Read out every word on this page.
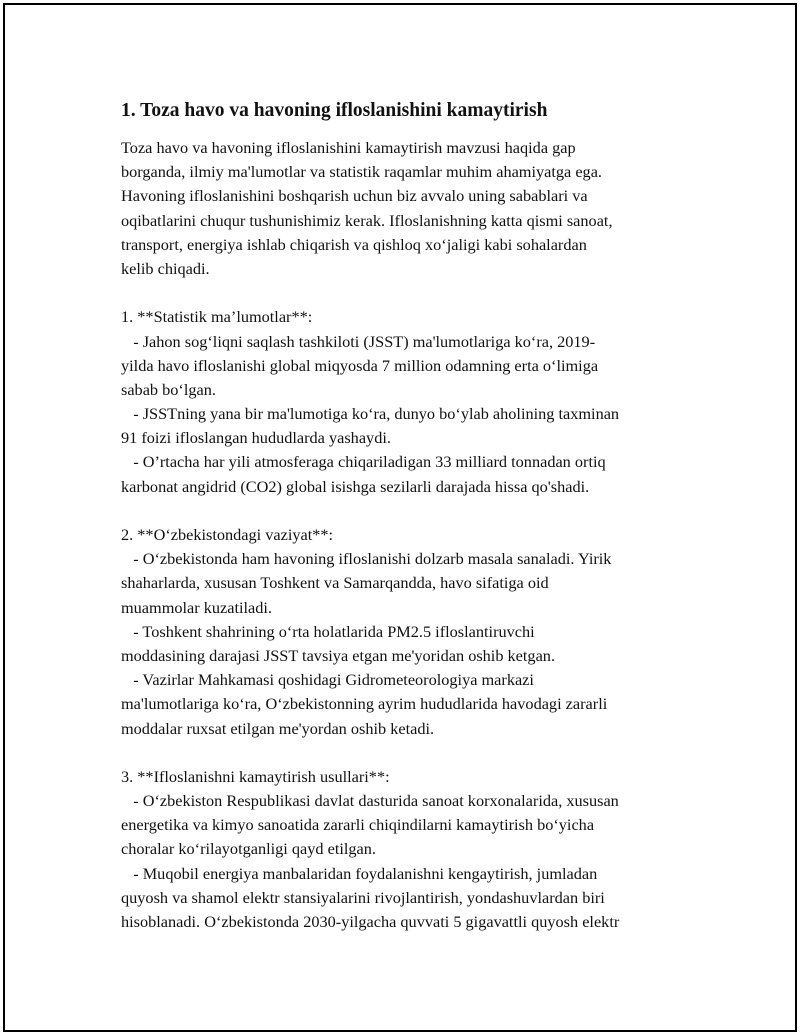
1. Toza havo va havoning ifloslanishini kamaytirish
Toza havo va havoning ifloslanishini kamaytirish mavzusi haqida gap
borganda, ilmiy ma'lumotlar va statistik raqamlar muhim ahamiyatga ega.
Havoning ifloslanishini boshqarish uchun biz avvalo uning sabablari va
oqibatlarini chuqur tushunishimiz kerak. Ifloslanishning katta qismi sanoat,
transport, energiya ishlab chiqarish va qishloq xo‘jaligi kabi sohalardan
kelib chiqadi.
1. **Statistik ma’lumotlar**:
- Jahon sog‘liqni saqlash tashkiloti (JSST) ma'lumotlariga ko‘ra, 2019-
yilda havo ifloslanishi global miqyosda 7 million odamning erta o‘limiga
sabab bo‘lgan.
- JSSTning yana bir ma'lumotiga ko‘ra, dunyo bo‘ylab aholining taxminan
91 foizi ifloslangan hududlarda yashaydi.
- O’rtacha har yili atmosferaga chiqariladigan 33 milliard tonnadan ortiq
karbonat angidrid (CO2) global isishga sezilarli darajada hissa qo'shadi.
2. **O‘zbekistondagi vaziyat**:
- O‘zbekistonda ham havoning ifloslanishi dolzarb masala sanaladi. Yirik
shaharlarda, xususan Toshkent va Samarqandda, havo sifatiga oid
muammolar kuzatiladi.
- Toshkent shahrining o‘rta holatlarida PM2.5 ifloslantiruvchi
moddasining darajasi JSST tavsiya etgan me'yoridan oshib ketgan.
- Vazirlar Mahkamasi qoshidagi Gidrometeorologiya markazi
ma'lumotlariga ko‘ra, O‘zbekistonning ayrim hududlarida havodagi zararli
moddalar ruxsat etilgan me'yordan oshib ketadi.
3. **Ifloslanishni kamaytirish usullari**:
- O‘zbekiston Respublikasi davlat dasturida sanoat korxonalarida, xususan
energetika va kimyo sanoatida zararli chiqindilarni kamaytirish bo‘yicha
choralar ko‘rilayotganligi qayd etilgan.
- Muqobil energiya manbalaridan foydalanishni kengaytirish, jumladan
quyosh va shamol elektr stansiyalarini rivojlantirish, yondashuvlardan biri
hisoblanadi. O‘zbekistonda 2030-yilgacha quvvati 5 gigavattli quyosh elektr
